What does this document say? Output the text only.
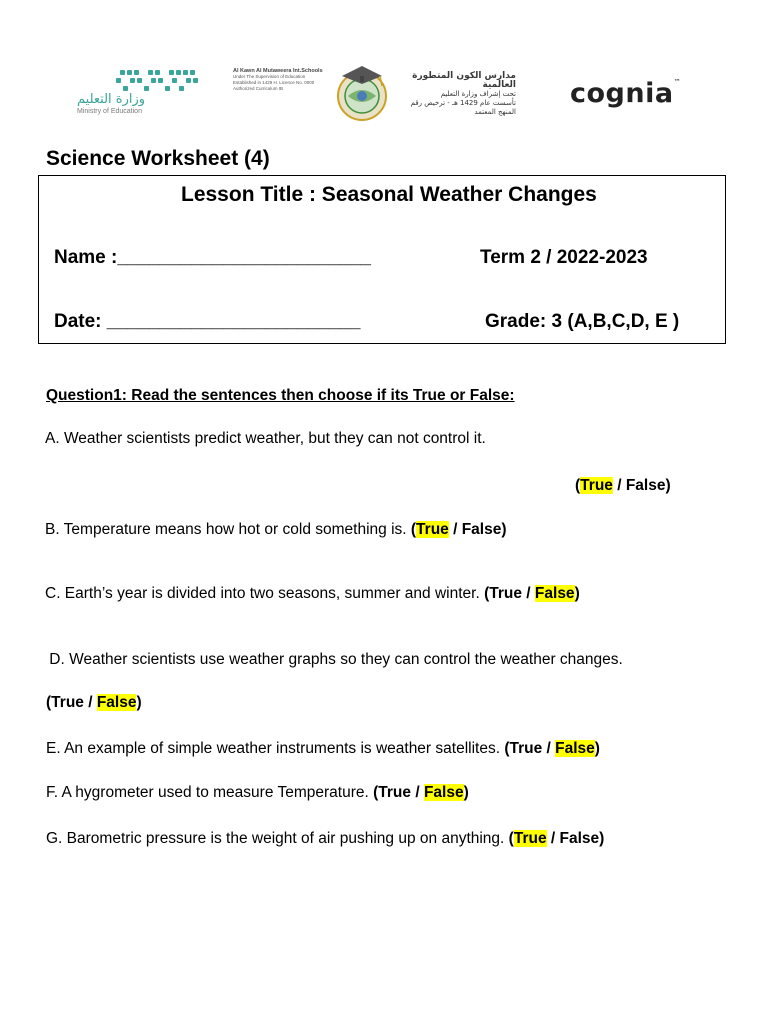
وزارة التعليم
Ministry of Education
Al Kawn Al Mutaweera Int.Schools
Under The Supervision of Education
Established in 1429 H. Licence No. 0000
Authorized Curriculum IB
مدارس الكون المتطورة العالمية
تحت إشراف وزارة التعليم
تأسست عام 1429 هـ - ترخيص رقم
المنهج المعتمد
cognia™
Science Worksheet (4)
Lesson Title : Seasonal Weather Changes
Name :________________________	Term 2 / 2022-2023
Date: ________________________	Grade: 3 (A,B,C,D, E )
Question1: Read the sentences then choose if its True or False:
A. Weather scientists predict weather, but they can not control it.
(True / False)
B. Temperature means how hot or cold something is. (True / False)
C. Earth’s year is divided into two seasons, summer and winter. (True / False)
D. Weather scientists use weather graphs so they can control the weather changes.
(True / False)
E. An example of simple weather instruments is weather satellites. (True / False)
F. A hygrometer used to measure Temperature. (True / False)
G. Barometric pressure is the weight of air pushing up on anything. (True / False)
